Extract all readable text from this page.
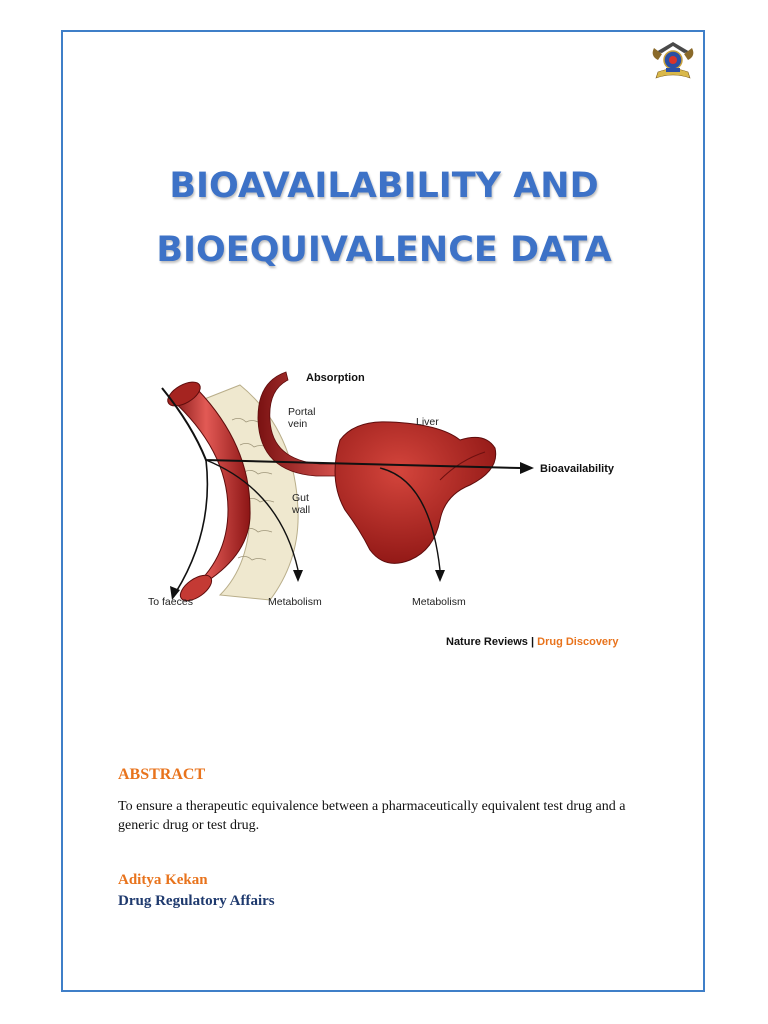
BIOAVAILABILITY AND
BIOEQUIVALENCE DATA
Absorption
Portal
vein	Liver
Bioavailability
Gut
wall
To faeces	Metabolism	Metabolism
Nature Reviews | Drug Discovery
ABSTRACT
To ensure a therapeutic equivalence between a pharmaceutically equivalent test drug and a generic drug or test drug.
Aditya Kekan
Drug Regulatory Affairs
